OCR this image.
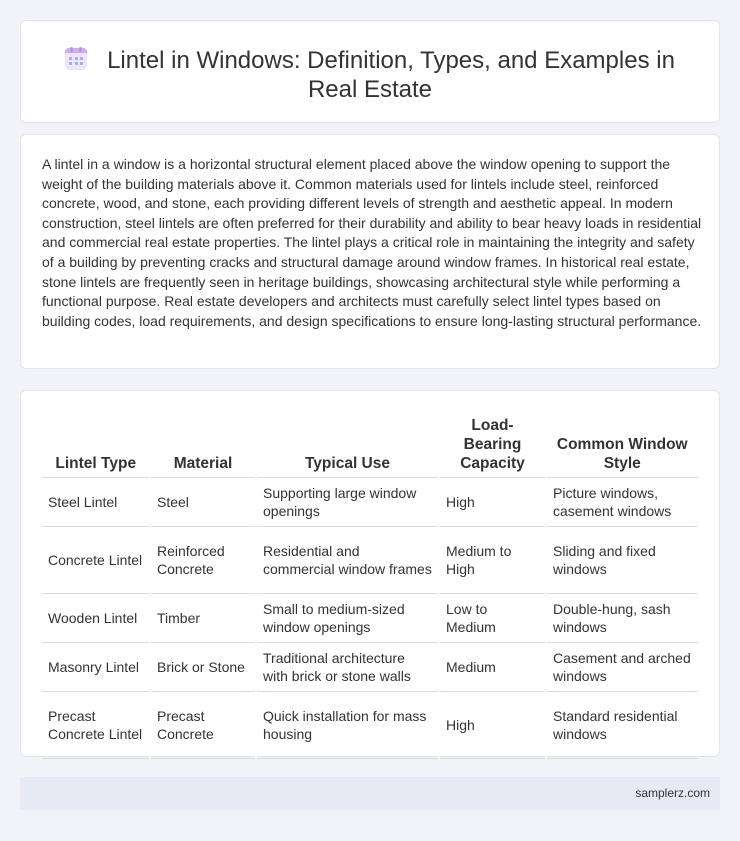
Lintel in Windows: Definition, Types, and Examples in
Real Estate

A lintel in a window is a horizontal structural element placed above the window opening to support the weight of the building materials above it. Common materials used for lintels include steel, reinforced concrete, wood, and stone, each providing different levels of strength and aesthetic appeal. In modern construction, steel lintels are often preferred for their durability and ability to bear heavy loads in residential and commercial real estate properties. The lintel plays a critical role in maintaining the integrity and safety of a building by preventing cracks and structural damage around window frames. In historical real estate, stone lintels are frequently seen in heritage buildings, showcasing architectural style while performing a functional purpose. Real estate developers and architects must carefully select lintel types based on building codes, load requirements, and design specifications to ensure long-lasting structural performance.

Lintel Type	Material	Typical Use	Load-Bearing Capacity	Common Window Style
Steel Lintel	Steel	Supporting large window openings	High	Picture windows, casement windows
Concrete Lintel	Reinforced Concrete	Residential and commercial window frames	Medium to High	Sliding and fixed windows
Wooden Lintel	Timber	Small to medium-sized window openings	Low to Medium	Double-hung, sash windows
Masonry Lintel	Brick or Stone	Traditional architecture with brick or stone walls	Medium	Casement and arched windows
Precast Concrete Lintel	Precast Concrete	Quick installation for mass housing	High	Standard residential windows
samplerz.com
